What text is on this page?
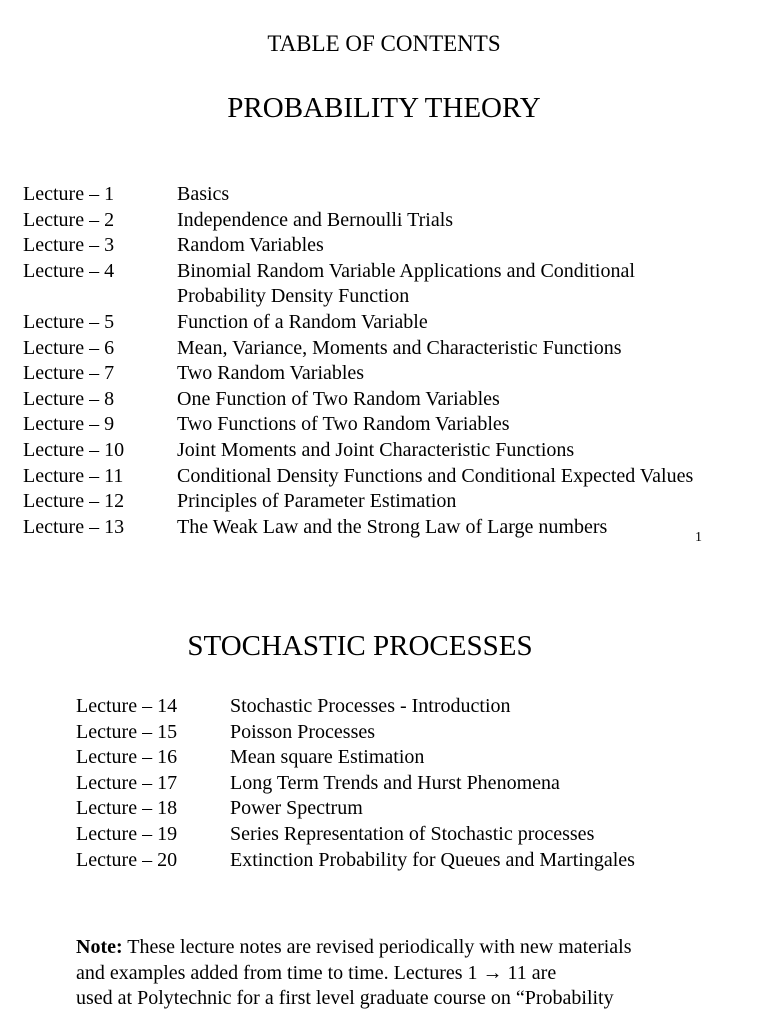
TABLE OF CONTENTS
PROBABILITY THEORY
Lecture – 1	Basics
Lecture – 2	Independence and Bernoulli Trials
Lecture – 3	Random Variables
Lecture – 4	Binomial Random Variable Applications and Conditional Probability Density Function
Lecture – 5	Function of a Random Variable
Lecture – 6	Mean, Variance, Moments and Characteristic Functions
Lecture – 7	Two Random Variables
Lecture – 8	One Function of Two Random Variables
Lecture – 9	Two Functions of Two Random Variables
Lecture – 10	Joint Moments and Joint Characteristic Functions
Lecture – 11	Conditional Density Functions and Conditional Expected Values
Lecture – 12	Principles of Parameter Estimation
Lecture – 13	The Weak Law and the Strong Law of Large numbers	1
STOCHASTIC PROCESSES
Lecture – 14	Stochastic Processes - Introduction
Lecture – 15	Poisson Processes
Lecture – 16	Mean square Estimation
Lecture – 17	Long Term Trends and Hurst Phenomena
Lecture – 18	Power Spectrum
Lecture – 19	Series Representation of Stochastic processes
Lecture – 20	Extinction Probability for Queues and Martingales

Note: These lecture notes are revised periodically with new materials
and examples added from time to time. Lectures 1 → 11 are
used at Polytechnic for a first level graduate course on “Probability
